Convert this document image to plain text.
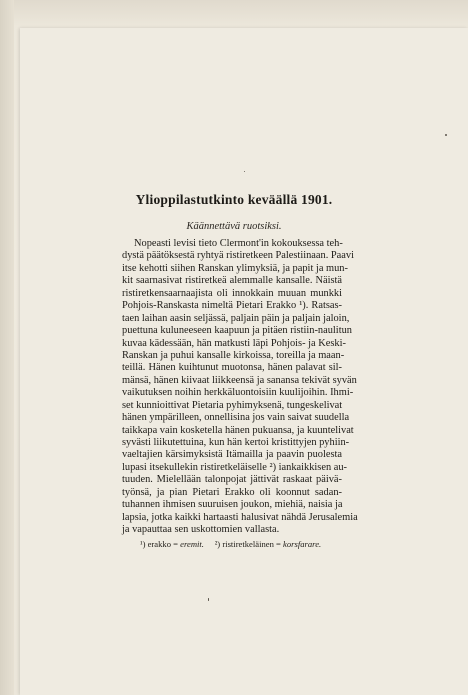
Ylioppilastutkinto keväällä 1901.
Käännettävä ruotsiksi.
Nopeasti levisi tieto Clermont'in kokouksessa teh-
dystä päätöksestä ryhtyä ristiretkeen Palestiinaan. Paavi
itse kehotti siihen Ranskan ylimyksiä, ja papit ja mun-
kit saarnasivat ristiretkeä alemmalle kansalle. Näistä
ristiretkensaarnaajista oli innokkain muuan munkki
Pohjois-Ranskasta nimeltä Pietari Erakko ¹). Ratsas-
taen laihan aasin seljässä, paljain päin ja paljain jaloin,
puettuna kuluneeseen kaapuun ja pitäen ristiin-naulitun
kuvaa kädessään, hän matkusti läpi Pohjois- ja Keski-
Ranskan ja puhui kansalle kirkoissa, toreilla ja maan-
teillä. Hänen kuihtunut muotonsa, hänen palavat sil-
mänsä, hänen kiivaat liikkeensä ja sanansa tekivät syvän
vaikutuksen noihin herkkäluontoisiin kuulijoihin. Ihmi-
set kunnioittivat Pietaria pyhimyksenä, tungeskelivat
hänen ympärilleen, onnellisina jos vain saivat suudella
taikkapa vain kosketella hänen pukuansa, ja kuuntelivat
syvästi liikutettuina, kun hän kertoi kristittyjen pyhiin-
vaeltajien kärsimyksistä Itämailla ja paavin puolesta
lupasi itsekullekin ristiretkeläiselle ²) iankaikkisen au-
tuuden. Mielellään talonpojat jättivät raskaat päivä-
työnsä, ja pian Pietari Erakko oli koonnut sadan-
tuhannen ihmisen suuruisen joukon, miehiä, naisia ja
lapsia, jotka kaikki hartaasti halusivat nähdä Jerusalemia
ja vapauttaa sen uskottomien vallasta.
¹) erakko = eremit. ²) ristiretkeläinen = korsfarare.
